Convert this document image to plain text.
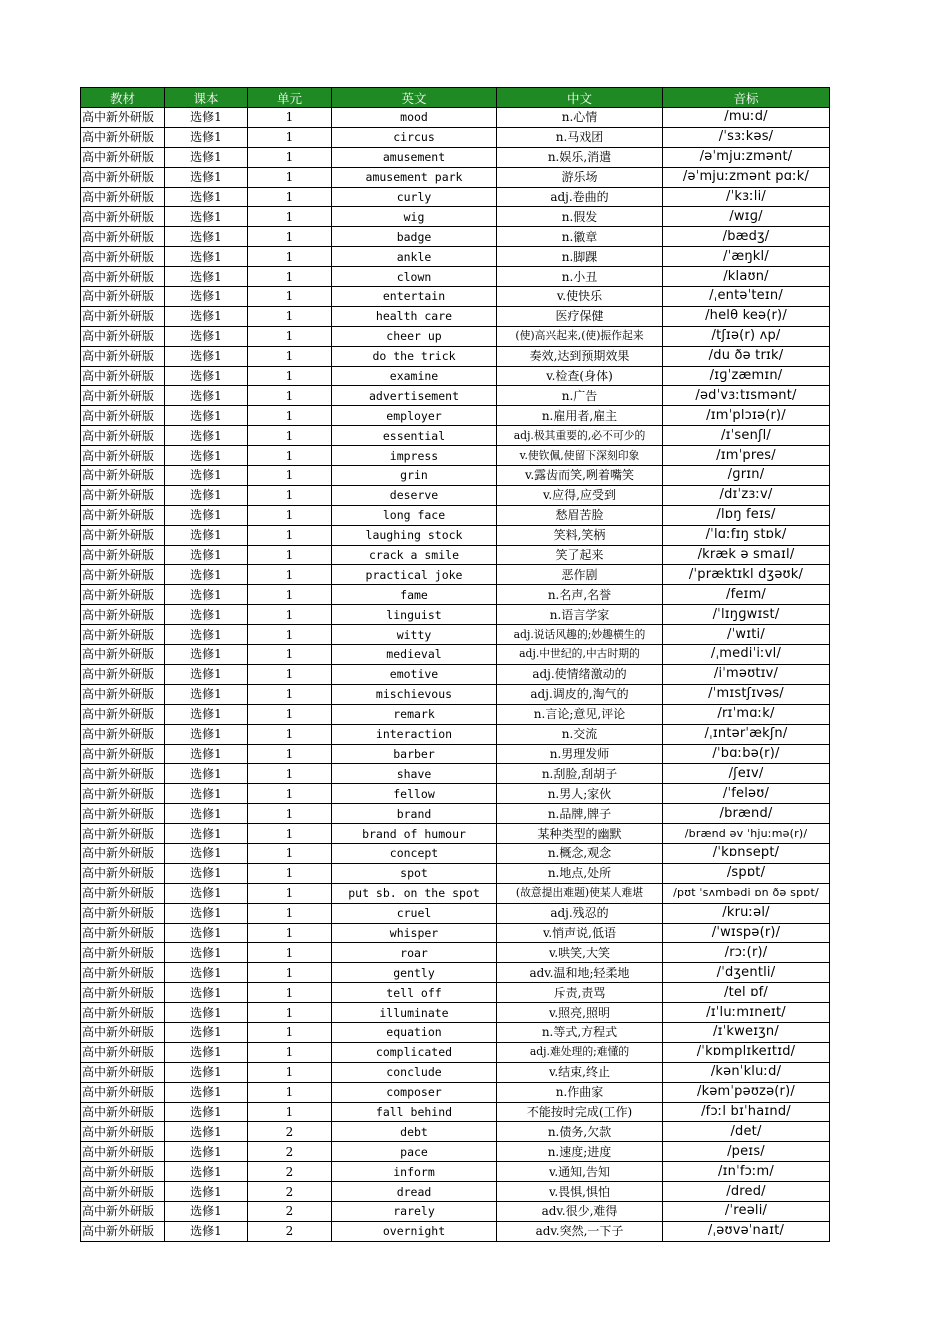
教材	课本	单元	英文	中文	音标
高中新外研版	选修1	1	mood	n.心情	/muːd/
高中新外研版	选修1	1	circus	n.马戏团	/ˈsɜːkəs/
高中新外研版	选修1	1	amusement	n.娱乐,消遣	/əˈmjuːzmənt/
高中新外研版	选修1	1	amusement park	游乐场	/əˈmjuːzmənt pɑːk/
高中新外研版	选修1	1	curly	adj.卷曲的	/ˈkɜːli/
高中新外研版	选修1	1	wig	n.假发	/wɪɡ/
高中新外研版	选修1	1	badge	n.徽章	/bædʒ/
高中新外研版	选修1	1	ankle	n.脚踝	/ˈæŋkl/
高中新外研版	选修1	1	clown	n.小丑	/klaʊn/
高中新外研版	选修1	1	entertain	v.使快乐	/ˌentəˈteɪn/
高中新外研版	选修1	1	health care	医疗保健	/helθ keə(r)/
高中新外研版	选修1	1	cheer up	(使)高兴起来,(使)振作起来	/tʃɪə(r) ʌp/
高中新外研版	选修1	1	do the trick	奏效,达到预期效果	/du ðə trɪk/
高中新外研版	选修1	1	examine	v.检查(身体)	/ɪɡˈzæmɪn/
高中新外研版	选修1	1	advertisement	n.广告	/ədˈvɜːtɪsmənt/
高中新外研版	选修1	1	employer	n.雇用者,雇主	/ɪmˈplɔɪə(r)/
高中新外研版	选修1	1	essential	adj.极其重要的,必不可少的	/ɪˈsenʃl/
高中新外研版	选修1	1	impress	v.使钦佩,使留下深刻印象	/ɪmˈpres/
高中新外研版	选修1	1	grin	v.露齿而笑,咧着嘴笑	/ɡrɪn/
高中新外研版	选修1	1	deserve	v.应得,应受到	/dɪˈzɜːv/
高中新外研版	选修1	1	long face	愁眉苦脸	/lɒŋ feɪs/
高中新外研版	选修1	1	laughing stock	笑料,笑柄	/ˈlɑːfɪŋ stɒk/
高中新外研版	选修1	1	crack a smile	笑了起来	/kræk ə smaɪl/
高中新外研版	选修1	1	practical joke	恶作剧	/ˈpræktɪkl dʒəʊk/
高中新外研版	选修1	1	fame	n.名声,名誉	/feɪm/
高中新外研版	选修1	1	linguist	n.语言学家	/ˈlɪŋɡwɪst/
高中新外研版	选修1	1	witty	adj.说话风趣的;妙趣横生的	/ˈwɪti/
高中新外研版	选修1	1	medieval	adj.中世纪的,中古时期的	/ˌmediˈiːvl/
高中新外研版	选修1	1	emotive	adj.使情绪激动的	/iˈməʊtɪv/
高中新外研版	选修1	1	mischievous	adj.调皮的,淘气的	/ˈmɪstʃɪvəs/
高中新外研版	选修1	1	remark	n.言论;意见,评论	/rɪˈmɑːk/
高中新外研版	选修1	1	interaction	n.交流	/ˌɪntərˈækʃn/
高中新外研版	选修1	1	barber	n.男理发师	/ˈbɑːbə(r)/
高中新外研版	选修1	1	shave	n.刮脸,刮胡子	/ʃeɪv/
高中新外研版	选修1	1	fellow	n.男人;家伙	/ˈfeləʊ/
高中新外研版	选修1	1	brand	n.品牌,牌子	/brænd/
高中新外研版	选修1	1	brand of humour	某种类型的幽默	/brænd əv ˈhjuːmə(r)/
高中新外研版	选修1	1	concept	n.概念,观念	/ˈkɒnsept/
高中新外研版	选修1	1	spot	n.地点,处所	/spɒt/
高中新外研版	选修1	1	put sb. on the spot	(故意提出难题)使某人难堪	/pʊt ˈsʌmbədi ɒn ðə spɒt/
高中新外研版	选修1	1	cruel	adj.残忍的	/kruːəl/
高中新外研版	选修1	1	whisper	v.悄声说,低语	/ˈwɪspə(r)/
高中新外研版	选修1	1	roar	v.哄笑,大笑	/rɔː(r)/
高中新外研版	选修1	1	gently	adv.温和地;轻柔地	/ˈdʒentli/
高中新外研版	选修1	1	tell off	斥责,责骂	/tel ɒf/
高中新外研版	选修1	1	illuminate	v.照亮,照明	/ɪˈluːmɪneɪt/
高中新外研版	选修1	1	equation	n.等式,方程式	/ɪˈkweɪʒn/
高中新外研版	选修1	1	complicated	adj.难处理的;难懂的	/ˈkɒmplɪkeɪtɪd/
高中新外研版	选修1	1	conclude	v.结束,终止	/kənˈkluːd/
高中新外研版	选修1	1	composer	n.作曲家	/kəmˈpəʊzə(r)/
高中新外研版	选修1	1	fall behind	不能按时完成(工作)	/fɔːl bɪˈhaɪnd/
高中新外研版	选修1	2	debt	n.债务,欠款	/det/
高中新外研版	选修1	2	pace	n.速度;进度	/peɪs/
高中新外研版	选修1	2	inform	v.通知,告知	/ɪnˈfɔːm/
高中新外研版	选修1	2	dread	v.畏惧,惧怕	/dred/
高中新外研版	选修1	2	rarely	adv.很少,难得	/ˈreəli/
高中新外研版	选修1	2	overnight	adv.突然,一下子	/ˌəʊvəˈnaɪt/
